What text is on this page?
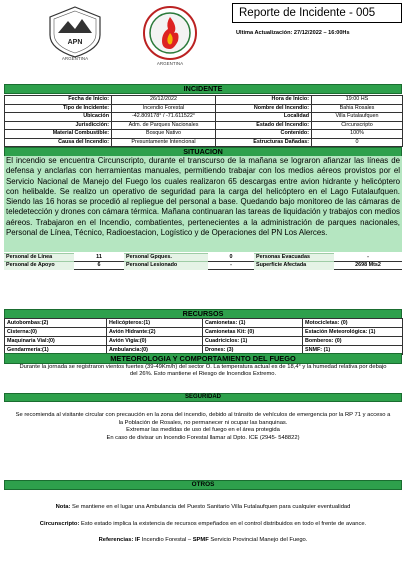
APN
ARGENTINA
ARGENTINA
Reporte de Incidente - 005
Ultima Actualización: 27/12/2022 – 16:00Hs
INCIDENTE
Fecha de Inicio:	26/12/2022	Hora de Inicio:	19:00 HS
Tipo de Incidente:	Incendio Forestal	Nombre del Incendio:	Bahia Rosales
Ubicación	-42.809178° / -71.611522°	Localidad	Villa Futalaufquen
Jurisdicción:	Adm. de Parques Nacionales	Estado del Incendio:	Circunscripto
Material Combustible:	Bosque Nativo	Contenido:	100%
Causa del Incendio:	Presuntamente Intencional	Estructuras Dañadas:	0
SITUACION
El incendio se encuentra Circunscripto, durante el transcurso de la mañana se lograron afianzar las líneas de defensa y anclarlas con herramientas manuales, permitiendo trabajar con los medios aéreos provistos por el Servicio Nacional de Manejo del Fuego los cuales realizaron 65 descargas entre avion hidrante y helicóptero con helibalde. Se realizo un operativo de seguridad para la carga del helicóptero en el Lago Futalaufquen. Siendo las 16 horas se procedió al repliegue del personal a base. Quedando bajo monitoreo de las cámaras de teledetección y drones con cámara térmica. Mañana continuaran las tareas de liquidación y trabajos con medios aéreos. Trabajaron en el Incendio, combatientes, pertenecientes a la administración de parques nacionales, Personal de Línea, Técnico, Radioestacion, Logístico y de Operaciones del PN Los Alerces.
Personal de Línea	11	Personal Gpques.	0	Personas Evacuadas	-
Personal de Apoyo	6	Personal Lesionado	-	Superficie Afectada	2698 Mts2
RECURSOS
Autobombas:(2)	Helicópteros:(1)	Camionetas: (1)	Motocicletas: (0)
Cisterna:(0)	Avión Hidrante:(2)	Camionetas Kit: (0)	Estación Meteorológica: (1)
Maquinaria Vial:(0)	Avión Vigía:(0)	Cuadriciclos: (1)	Bomberos: (0)
Gendarmería:(1)	Ambulancia:(0)	Drones: (3)	SNMF: (1)
METEOROLOGIA Y COMPORTAMIENTO DEL FUEGO
Durante la jornada se registraron vientos fuertes (39-49Km/h) del sector O. La temperatura actual es de 18,4° y la humedad relativa por debajo del 26%. Esto mantiene el Riesgo de Incendios Extremo.
SEGURIDAD
Se recomienda al visitante circular con precaución en la zona del incendio, debido al tránsito de vehículos de emergencia por la RP 71 y acceso a la Población de Rosales, no permanecer ni ocupar las banquinas.
Extremar las medidas de uso del fuego en el área protegida
En caso de divisar un Incendio Forestal llamar al Dpto. ICE (2945- 548822)
OTROS

Nota: Se mantiene en el lugar una Ambulancia del Puesto Sanitario Villa Futalaufquen para cualquier eventualidad

Circunscripto: Esto estado implica la existencia de recursos empeñados en el control distribuidos en todo el frente de avance.

Referencias: IF Incendio Forestal – SPMF Servicio Provincial Manejo del Fuego.
